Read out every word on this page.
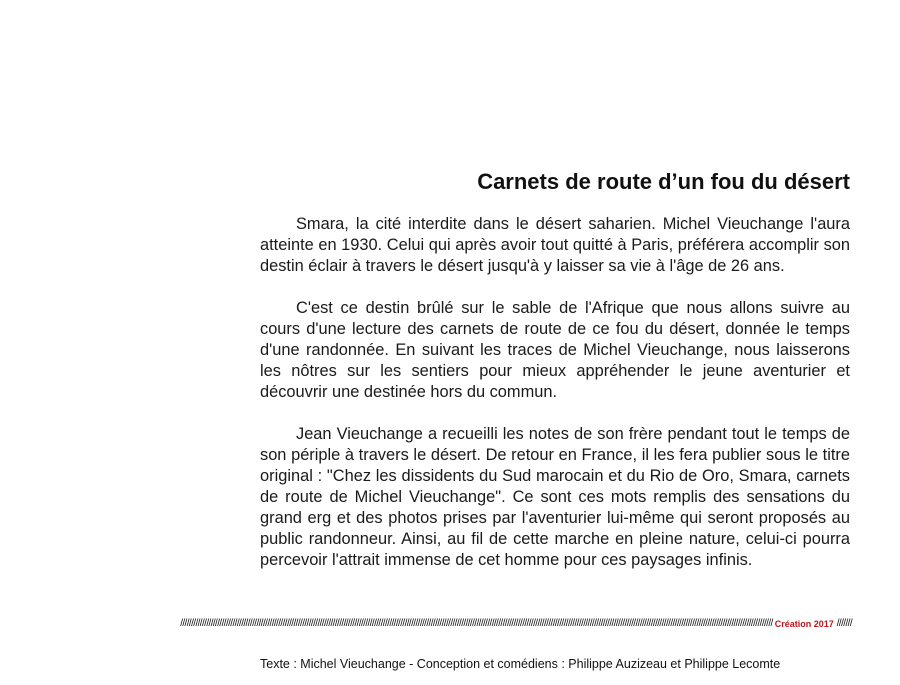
Carnets de route d’un fou du désert

Smara, la cité interdite dans le désert saharien. Michel Vieuchange l'aura atteinte en 1930. Celui qui après avoir tout quitté à Paris, préférera accomplir son destin éclair à travers le désert jusqu'à y laisser sa vie à l'âge de 26 ans.

C'est ce destin brûlé sur le sable de l'Afrique que nous allons suivre au cours d'une lecture des carnets de route de ce fou du désert, donnée le temps d'une randonnée. En suivant les traces de Michel Vieuchange, nous laisserons les nôtres sur les sentiers pour mieux appréhender le jeune aventurier et découvrir une destinée hors du commun.

Jean Vieuchange a recueilli les notes de son frère pendant tout le temps de son périple à travers le désert. De retour en France, il les fera publier sous le titre original : "Chez les dissidents du Sud marocain et du Rio de Oro, Smara, carnets de route de Michel Vieuchange". Ce sont ces mots remplis des sensations du grand erg et des photos prises par l'aventurier lui-même qui seront proposés au public randonneur. Ainsi, au fil de cette marche en pleine nature, celui-ci pourra percevoir l'attrait immense de cet homme pour ces paysages infinis.

//////////////////////////////////////////////////////////////////////////////////////////////////////////////////////////////////////////////////////////////////////////////////////////////////////////////////////////////////////////////////////////////////////////////// Création 2017 ///////
Texte : Michel Vieuchange - Conception et comédiens : Philippe Auzizeau et Philippe Lecomte
